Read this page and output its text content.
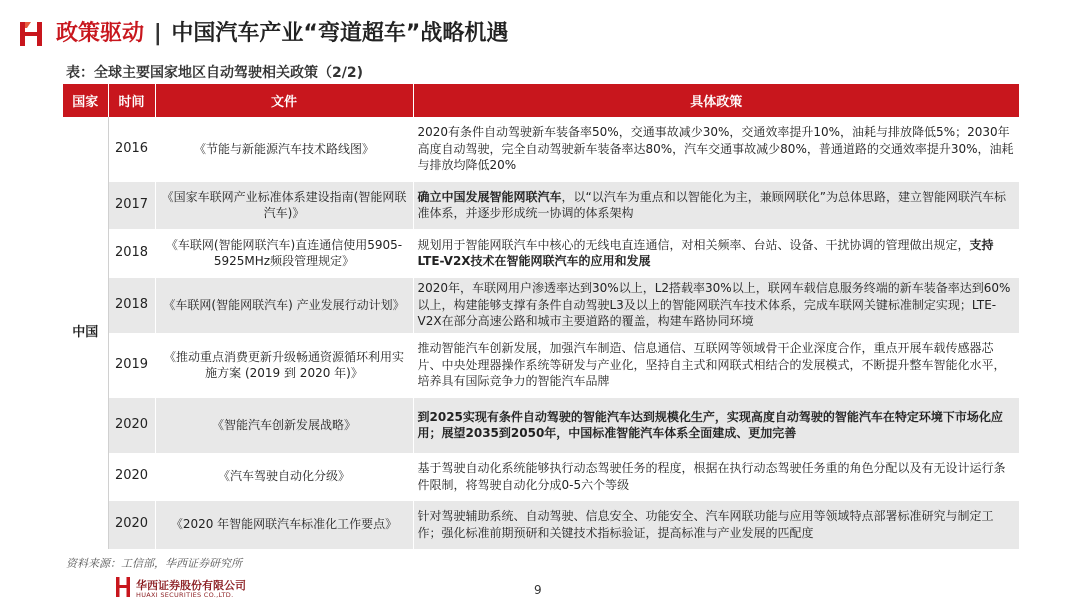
政策驱动 | 中国汽车产业“弯道超车”战略机遇
表：全球主要国家地区自动驾驶相关政策（2/2)
国家	时间	文件	具体政策
中国	2016	《节能与新能源汽车技术路线图》	2020有条件自动驾驶新车装备率50%，交通事故减少30%，交通效率提升10%，油耗与排放降低5%；2030年高度自动驾驶，完全自动驾驶新车装备率达80%，汽车交通事故减少80%，普通道路的交通效率提升30%，油耗与排放均降低20%
	2017	《国家车联网产业标准体系建设指南(智能网联汽车)》	确立中国发展智能网联汽车，以“以汽车为重点和以智能化为主，兼顾网联化”为总体思路，建立智能网联汽车标准体系，并逐步形成统一协调的体系架构
	2018	《车联网(智能网联汽车)直连通信使用5905-5925MHz频段管理规定》	规划用于智能网联汽车中核心的无线电直连通信，对相关频率、台站、设备、干扰协调的管理做出规定，支持LTE-V2X技术在智能网联汽车的应用和发展
	2018	《车联网(智能网联汽车) 产业发展行动计划》	2020年，车联网用户渗透率达到30%以上，L2搭载率30%以上，联网车载信息服务终端的新车装备率达到60%以上，构建能够支撑有条件自动驾驶L3及以上的智能网联汽车技术体系，完成车联网关键标准制定实现；LTE-V2X在部分高速公路和城市主要道路的覆盖，构建车路协同环境
	2019	《推动重点消费更新升级畅通资源循环利用实施方案 (2019 到 2020 年)》	推动智能汽车创新发展，加强汽车制造、信息通信、互联网等领域骨干企业深度合作，重点开展车载传感器芯片、中央处理器操作系统等研发与产业化，坚持自主式和网联式相结合的发展模式，不断提升整车智能化水平，培养具有国际竞争力的智能汽车品牌
	2020	《智能汽车创新发展战略》	到2025实现有条件自动驾驶的智能汽车达到规模化生产，实现高度自动驾驶的智能汽车在特定环境下市场化应用；展望2035到2050年，中国标准智能汽车体系全面建成、更加完善
	2020	《汽车驾驶自动化分级》	基于驾驶自动化系统能够执行动态驾驶任务的程度，根据在执行动态驾驶任务重的角色分配以及有无设计运行条件限制，将驾驶自动化分成0-5六个等级
	2020	《2020 年智能网联汽车标准化工作要点》	针对驾驶辅助系统、自动驾驶、信息安全、功能安全、汽车网联功能与应用等领域特点部署标准研究与制定工作；强化标准前期预研和关键技术指标验证，提高标准与产业发展的匹配度
资料来源：工信部，华西证券研究所
华西证券股份有限公司
HUAXI SECURITIES CO.,LTD.	9
